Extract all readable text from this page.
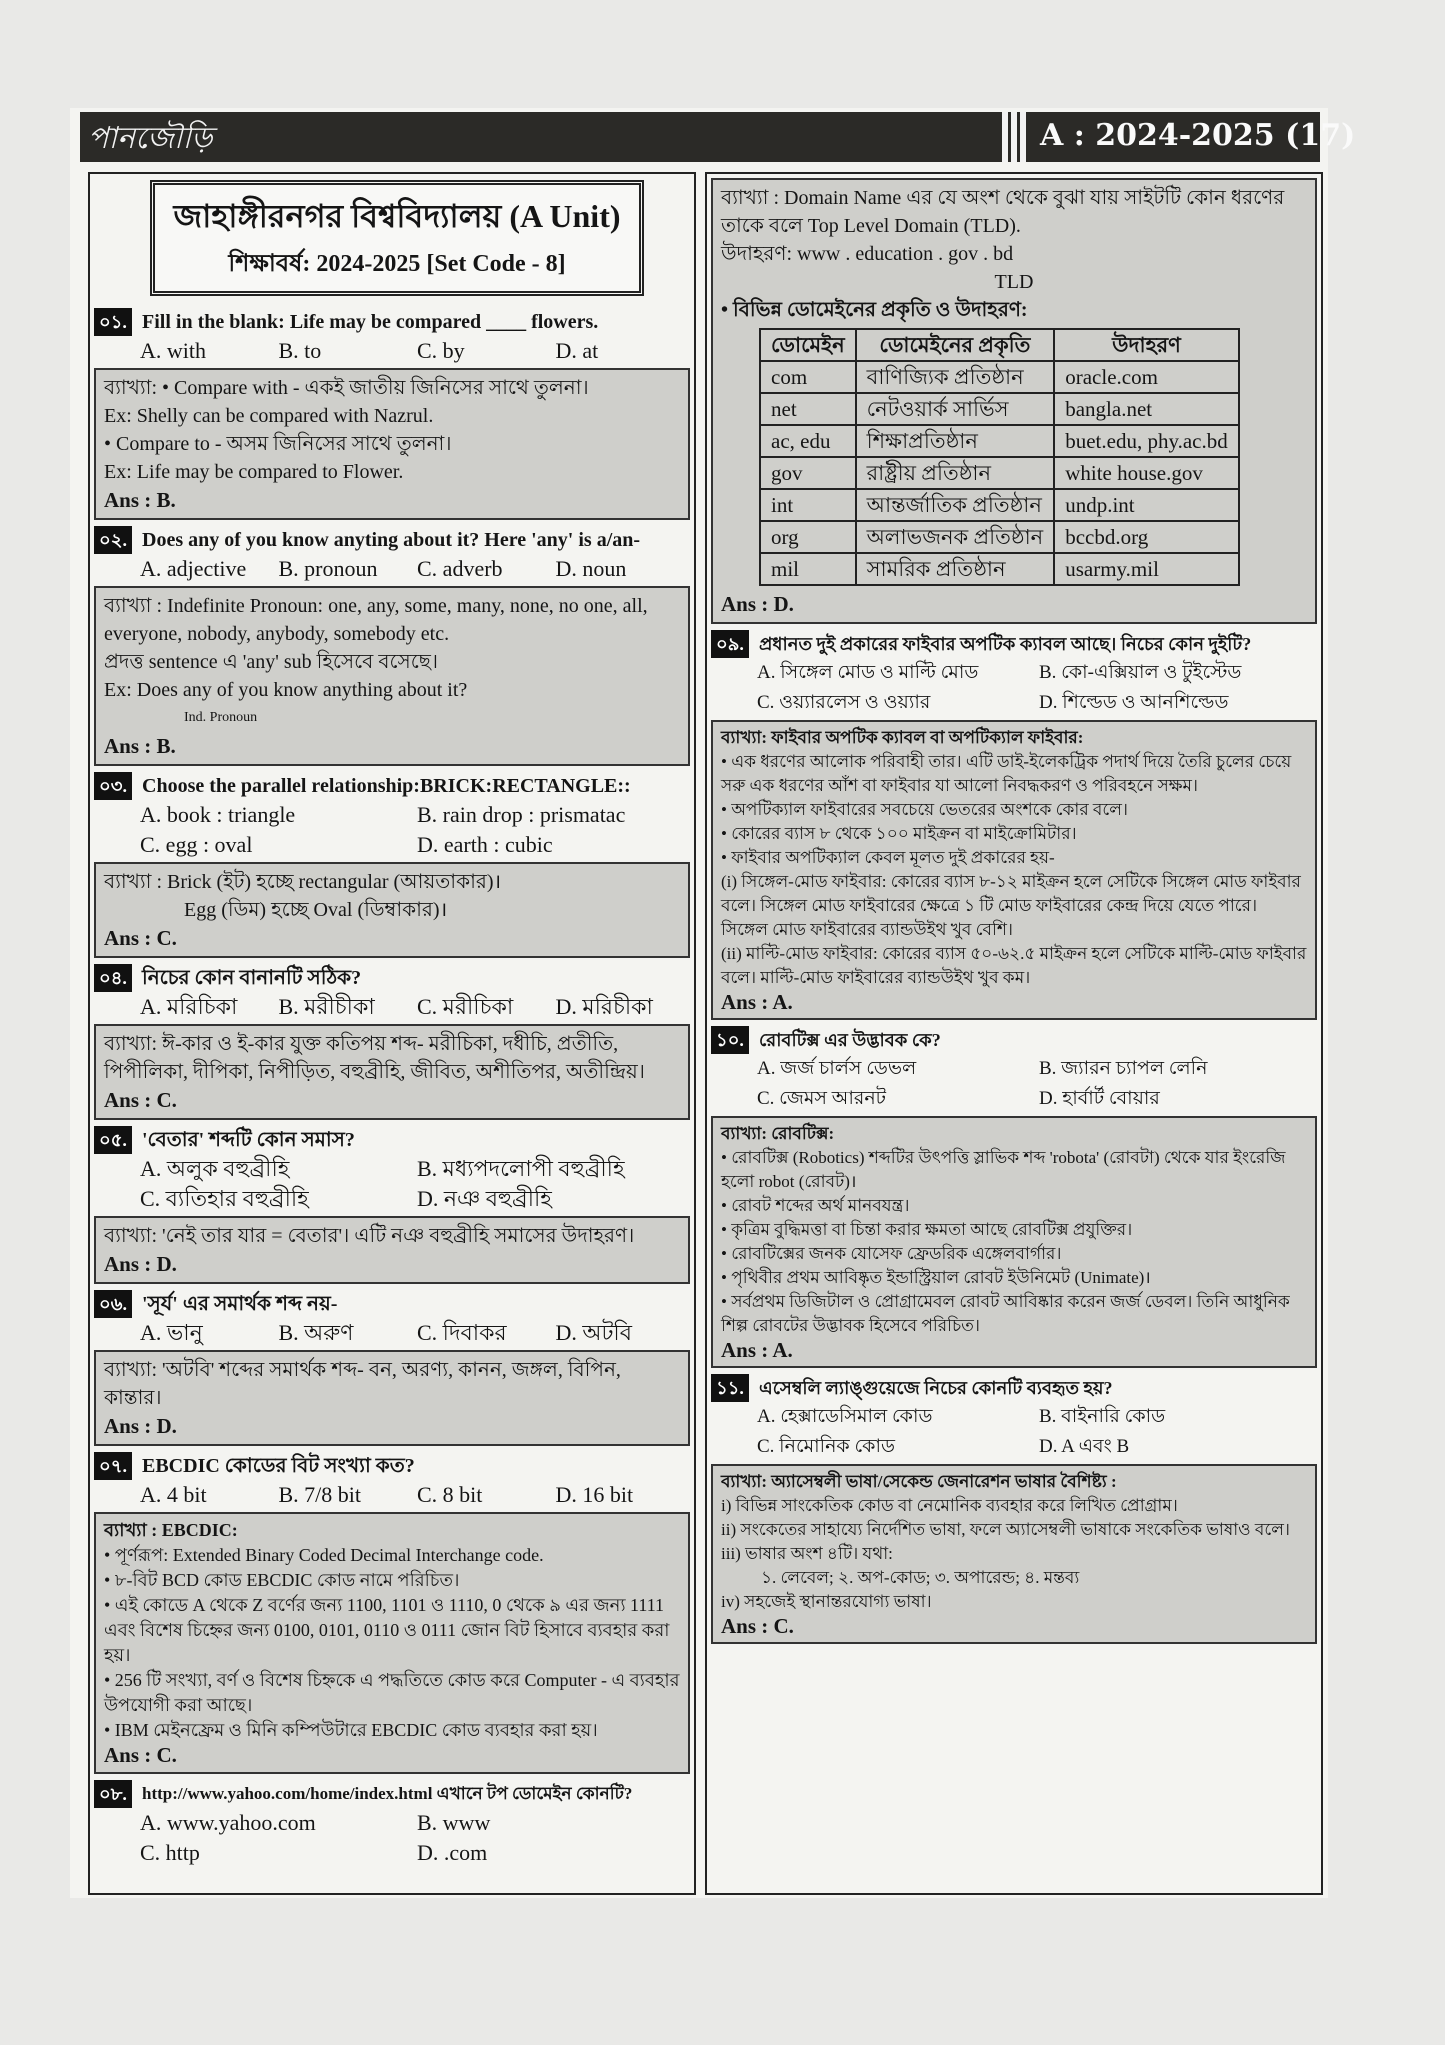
পানজৌড়ি	A : 2024-2025 (17)
জাহাঙ্গীরনগর বিশ্ববিদ্যালয় (A Unit)
শিক্ষাবর্ষ: 2024-2025 [Set Code - 8]
০১. Fill in the blank: Life may be compared ____ flowers.
A. with	B. to	C. by	D. at

ব্যাখ্যা: • Compare with - একই জাতীয় জিনিসের সাথে তুলনা।

Ex: Shelly can be compared with Nazrul.

• Compare to - অসম জিনিসের সাথে তুলনা।

Ex: Life may be compared to Flower.

Ans : B.

০২. Does any of you know anyting about it? Here 'any' is a/an-
A. adjective	B. pronoun	C. adverb	D. noun

ব্যাখ্যা : Indefinite Pronoun: one, any, some, many, none, no one, all, everyone, nobody, anybody, somebody etc.

প্রদত্ত sentence এ 'any' sub হিসেবে বসেছে।

Ex: Does any of you know anything about it?

Ind. Pronoun

Ans : B.

০৩. Choose the parallel relationship:BRICK:RECTANGLE::
A. book : triangle	B. rain drop : prismatac
C. egg : oval	D. earth : cubic

ব্যাখ্যা : Brick (ইট) হচ্ছে rectangular (আয়তাকার)।

Egg (ডিম) হচ্ছে Oval (ডিম্বাকার)।

Ans : C.

০৪. নিচের কোন বানানটি সঠিক?
A. মরিচিকা	B. মরীচীকা	C. মরীচিকা	D. মরিচীকা

ব্যাখ্যা: ঈ-কার ও ই-কার যুক্ত কতিপয় শব্দ- মরীচিকা, দধীচি, প্রতীতি, পিপীলিকা, দীপিকা, নিপীড়িত, বহুব্রীহি, জীবিত, অশীতিপর, অতীন্দ্রিয়।

Ans : C.

০৫. 'বেতার' শব্দটি কোন সমাস?
A. অলুক বহুব্রীহি	B. মধ্যপদলোপী বহুব্রীহি
C. ব্যতিহার বহুব্রীহি	D. নঞ বহুব্রীহি

ব্যাখ্যা: 'নেই তার যার = বেতার'। এটি নঞ বহুব্রীহি সমাসের উদাহরণ।

Ans : D.

০৬. 'সূর্য' এর সমার্থক শব্দ নয়-
A. ভানু	B. অরুণ	C. দিবাকর	D. অটবি

ব্যাখ্যা: 'অটবি' শব্দের সমার্থক শব্দ- বন, অরণ্য, কানন, জঙ্গল, বিপিন, কান্তার।

Ans : D.

০৭. EBCDIC কোডের বিট সংখ্যা কত?
A. 4 bit	B. 7/8 bit	C. 8 bit	D. 16 bit

ব্যাখ্যা : EBCDIC:

• পূর্ণরূপ: Extended Binary Coded Decimal Interchange code.

• ৮-বিট BCD কোড EBCDIC কোড নামে পরিচিত।

• এই কোডে A থেকে Z বর্ণের জন্য 1100, 1101 ও 1110, 0 থেকে ৯ এর জন্য 1111 এবং বিশেষ চিহ্নের জন্য 0100, 0101, 0110 ও 0111 জোন বিট হিসাবে ব্যবহার করা হয়।

• 256 টি সংখ্যা, বর্ণ ও বিশেষ চিহ্নকে এ পদ্ধতিতে কোড করে Computer - এ ব্যবহার উপযোগী করা আছে।

• IBM মেইনফ্রেম ও মিনি কম্পিউটারে EBCDIC কোড ব্যবহার করা হয়।

Ans : C.

০৮. http://www.yahoo.com/home/index.html এখানে টপ ডোমেইন কোনটি?
A. www.yahoo.com	B. www
C. http	D. .com

ব্যাখ্যা : Domain Name এর যে অংশ থেকে বুঝা যায় সাইটটি কোন ধরণের তাকে বলে Top Level Domain (TLD).

উদাহরণ: www . education . gov . bd

TLD

• বিভিন্ন ডোমেইনের প্রকৃতি ও উদাহরণ:

ডোমেইন	ডোমেইনের প্রকৃতি	উদাহরণ
com	বাণিজ্যিক প্রতিষ্ঠান	oracle.com
net	নেটওয়ার্ক সার্ভিস	bangla.net
ac, edu	শিক্ষাপ্রতিষ্ঠান	buet.edu, phy.ac.bd
gov	রাষ্ট্রীয় প্রতিষ্ঠান	white house.gov
int	আন্তর্জাতিক প্রতিষ্ঠান	undp.int
org	অলাভজনক প্রতিষ্ঠান	bccbd.org
mil	সামরিক প্রতিষ্ঠান	usarmy.mil

Ans : D.

০৯. প্রধানত দুই প্রকারের ফাইবার অপটিক ক্যাবল আছে। নিচের কোন দুইটি?
A. সিঙ্গেল মোড ও মাল্টি মোড	B. কো-এক্সিয়াল ও টুইস্টেড
C. ওয়্যারলেস ও ওয়্যার	D. শিল্ডেড ও আনশিল্ডেড

ব্যাখ্যা: ফাইবার অপটিক ক্যাবল বা অপটিক্যাল ফাইবার:

• এক ধরণের আলোক পরিবাহী তার। এটি ডাই-ইলেকট্রিক পদার্থ দিয়ে তৈরি চুলের চেয়ে সরু এক ধরণের আঁশ বা ফাইবার যা আলো নিবদ্ধকরণ ও পরিবহনে সক্ষম।

• অপটিক্যাল ফাইবারের সবচেয়ে ভেতরের অংশকে কোর বলে।

• কোরের ব্যাস ৮ থেকে ১০০ মাইক্রন বা মাইক্রোমিটার।

• ফাইবার অপটিক্যাল কেবল মূলত দুই প্রকারের হয়-

(i) সিঙ্গেল-মোড ফাইবার: কোরের ব্যাস ৮-১২ মাইক্রন হলে সেটিকে সিঙ্গেল মোড ফাইবার বলে। সিঙ্গেল মোড ফাইবারের ক্ষেত্রে ১ টি মোড ফাইবারের কেন্দ্র দিয়ে যেতে পারে। সিঙ্গেল মোড ফাইবারের ব্যান্ডউইথ খুব বেশি।

(ii) মাল্টি-মোড ফাইবার: কোরের ব্যাস ৫০-৬২.৫ মাইক্রন হলে সেটিকে মাল্টি-মোড ফাইবার বলে। মাল্টি-মোড ফাইবারের ব্যান্ডউইথ খুব কম।

Ans : A.

১০. রোবটিক্স এর উদ্ভাবক কে?
A. জর্জ চার্লস ডেভল	B. জ্যারন চ্যাপল লেনি
C. জেমস আরনট	D. হার্বার্ট বোয়ার

ব্যাখ্যা: রোবটিক্স:

• রোবটিক্স (Robotics) শব্দটির উৎপত্তি স্লাভিক শব্দ 'robota' (রোবটা) থেকে যার ইংরেজি হলো robot (রোবট)।

• রোবট শব্দের অর্থ মানবযন্ত্র।

• কৃত্রিম বুদ্ধিমত্তা বা চিন্তা করার ক্ষমতা আছে রোবটিক্স প্রযুক্তির।

• রোবটিক্সের জনক যোসেফ ফ্রেডরিক এঙ্গেলবার্গার।

• পৃথিবীর প্রথম আবিষ্কৃত ইন্ডাস্ট্রিয়াল রোবট ইউনিমেট (Unimate)।

• সর্বপ্রথম ডিজিটাল ও প্রোগ্রামেবল রোবট আবিষ্কার করেন জর্জ ডেবল। তিনি আধুনিক শিল্প রোবটের উদ্ভাবক হিসেবে পরিচিত।

Ans : A.

১১. এসেম্বলি ল্যাঙ্গুয়েজে নিচের কোনটি ব্যবহৃত হয়?
A. হেক্সাডেসিমাল কোড	B. বাইনারি কোড
C. নিমোনিক কোড	D. A এবং B

ব্যাখ্যা: অ্যাসেম্বলী ভাষা/সেকেন্ড জেনারেশন ভাষার বৈশিষ্ট্য :

i) বিভিন্ন সাংকেতিক কোড বা নেমোনিক ব্যবহার করে লিখিত প্রোগ্রাম।

ii) সংকেতের সাহায্যে নির্দেশিত ভাষা, ফলে অ্যাসেম্বলী ভাষাকে সংকেতিক ভাষাও বলে।

iii) ভাষার অংশ ৪টি। যথা:

১. লেবেল; ২. অপ-কোড; ৩. অপারেন্ড; ৪. মন্তব্য

iv) সহজেই স্থানান্তরযোগ্য ভাষা।

Ans : C.
